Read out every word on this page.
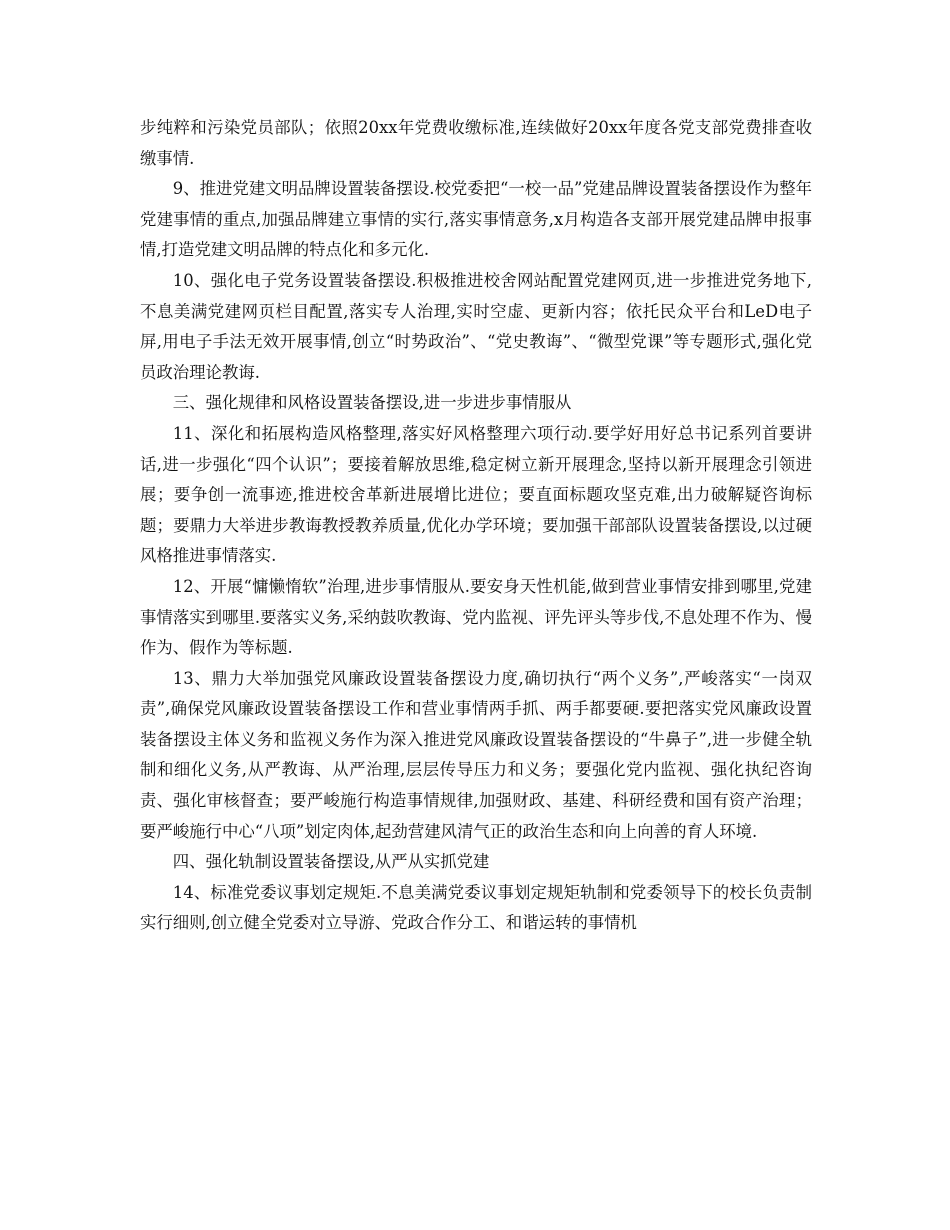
步纯粹和污染党员部队；依照20xx年党费收缴标准,连续做好20xx年度各党支部党费排查收缴事情.

9、推进党建文明品牌设置装备摆设.校党委把“一校一品”党建品牌设置装备摆设作为整年党建事情的重点,加强品牌建立事情的实行,落实事情意务,x月构造各支部开展党建品牌申报事情,打造党建文明品牌的特点化和多元化.

10、强化电子党务设置装备摆设.积极推进校舍网站配置党建网页,进一步推进党务地下,不息美满党建网页栏目配置,落实专人治理,实时空虚、更新内容；依托民众平台和LeD电子屏,用电子手法无效开展事情,创立“时势政治”、“党史教诲”、“微型党课”等专题形式,强化党员政治理论教诲.

三、强化规律和风格设置装备摆设,进一步进步事情服从

11、深化和拓展构造风格整理,落实好风格整理六项行动.要学好用好总书记系列首要讲话,进一步强化“四个认识”；要接着解放思维,稳定树立新开展理念,坚持以新开展理念引领进展；要争创一流事迹,推进校舍革新进展增比进位；要直面标题攻坚克难,出力破解疑咨询标题；要鼎力大举进步教诲教授教养质量,优化办学环境；要加强干部部队设置装备摆设,以过硬风格推进事情落实.

12、开展“慵懒惰软”治理,进步事情服从.要安身天性机能,做到营业事情安排到哪里,党建事情落实到哪里.要落实义务,采纳鼓吹教诲、党内监视、评先评头等步伐,不息处理不作为、慢作为、假作为等标题.

13、鼎力大举加强党风廉政设置装备摆设力度,确切执行“两个义务”,严峻落实“一岗双责”,确保党风廉政设置装备摆设工作和营业事情两手抓、两手都要硬.要把落实党风廉政设置装备摆设主体义务和监视义务作为深入推进党风廉政设置装备摆设的“牛鼻子”,进一步健全轨制和细化义务,从严教诲、从严治理,层层传导压力和义务；要强化党内监视、强化执纪咨询责、强化审核督查；要严峻施行构造事情规律,加强财政、基建、科研经费和国有资产治理；要严峻施行中心“八项”划定肉体,起劲营建风清气正的政治生态和向上向善的育人环境.

四、强化轨制设置装备摆设,从严从实抓党建

14、标准党委议事划定规矩.不息美满党委议事划定规矩轨制和党委领导下的校长负责制实行细则,创立健全党委对立导游、党政合作分工、和谐运转的事情机
